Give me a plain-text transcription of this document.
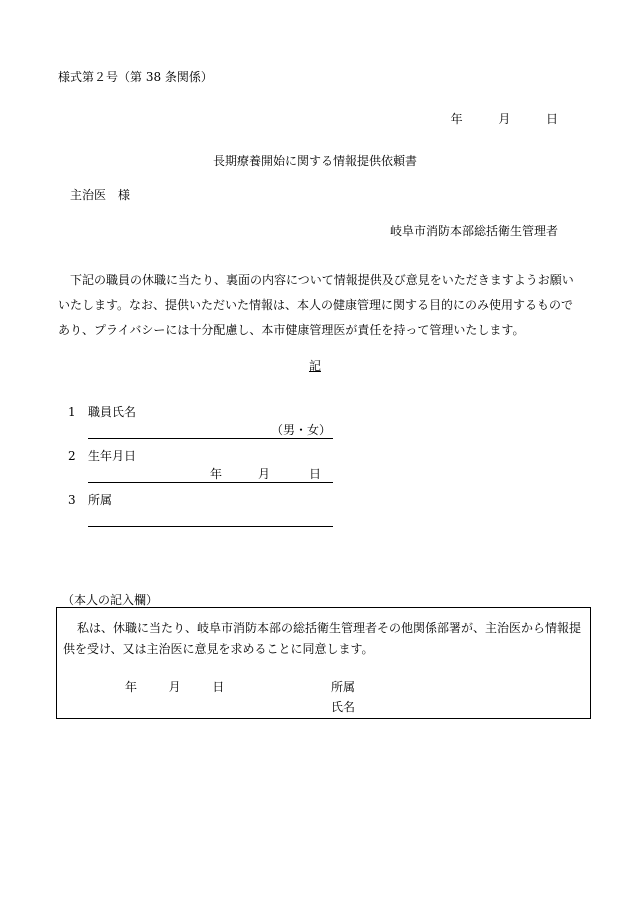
様式第２号（第 38 条関係）
年	月	日
長期療養開始に関する情報提供依頼書
主治医　様
岐阜市消防本部総括衛生管理者
下記の職員の休職に当たり、裏面の内容について情報提供及び意見をいただきますようお願いいたします。なお、提供いただいた情報は、本人の健康管理に関する目的にのみ使用するものであり、プライバシーには十分配慮し、本市健康管理医が責任を持って管理いたします。
記
1 職員氏名
（男・女）
2 生年月日
年	月	日
3 所属
（本人の記入欄）
私は、休職に当たり、岐阜市消防本部の総括衛生管理者その他関係部署が、主治医から情報提供を受け、又は主治医に意見を求めることに同意します。
年	月	日	所属
氏名
